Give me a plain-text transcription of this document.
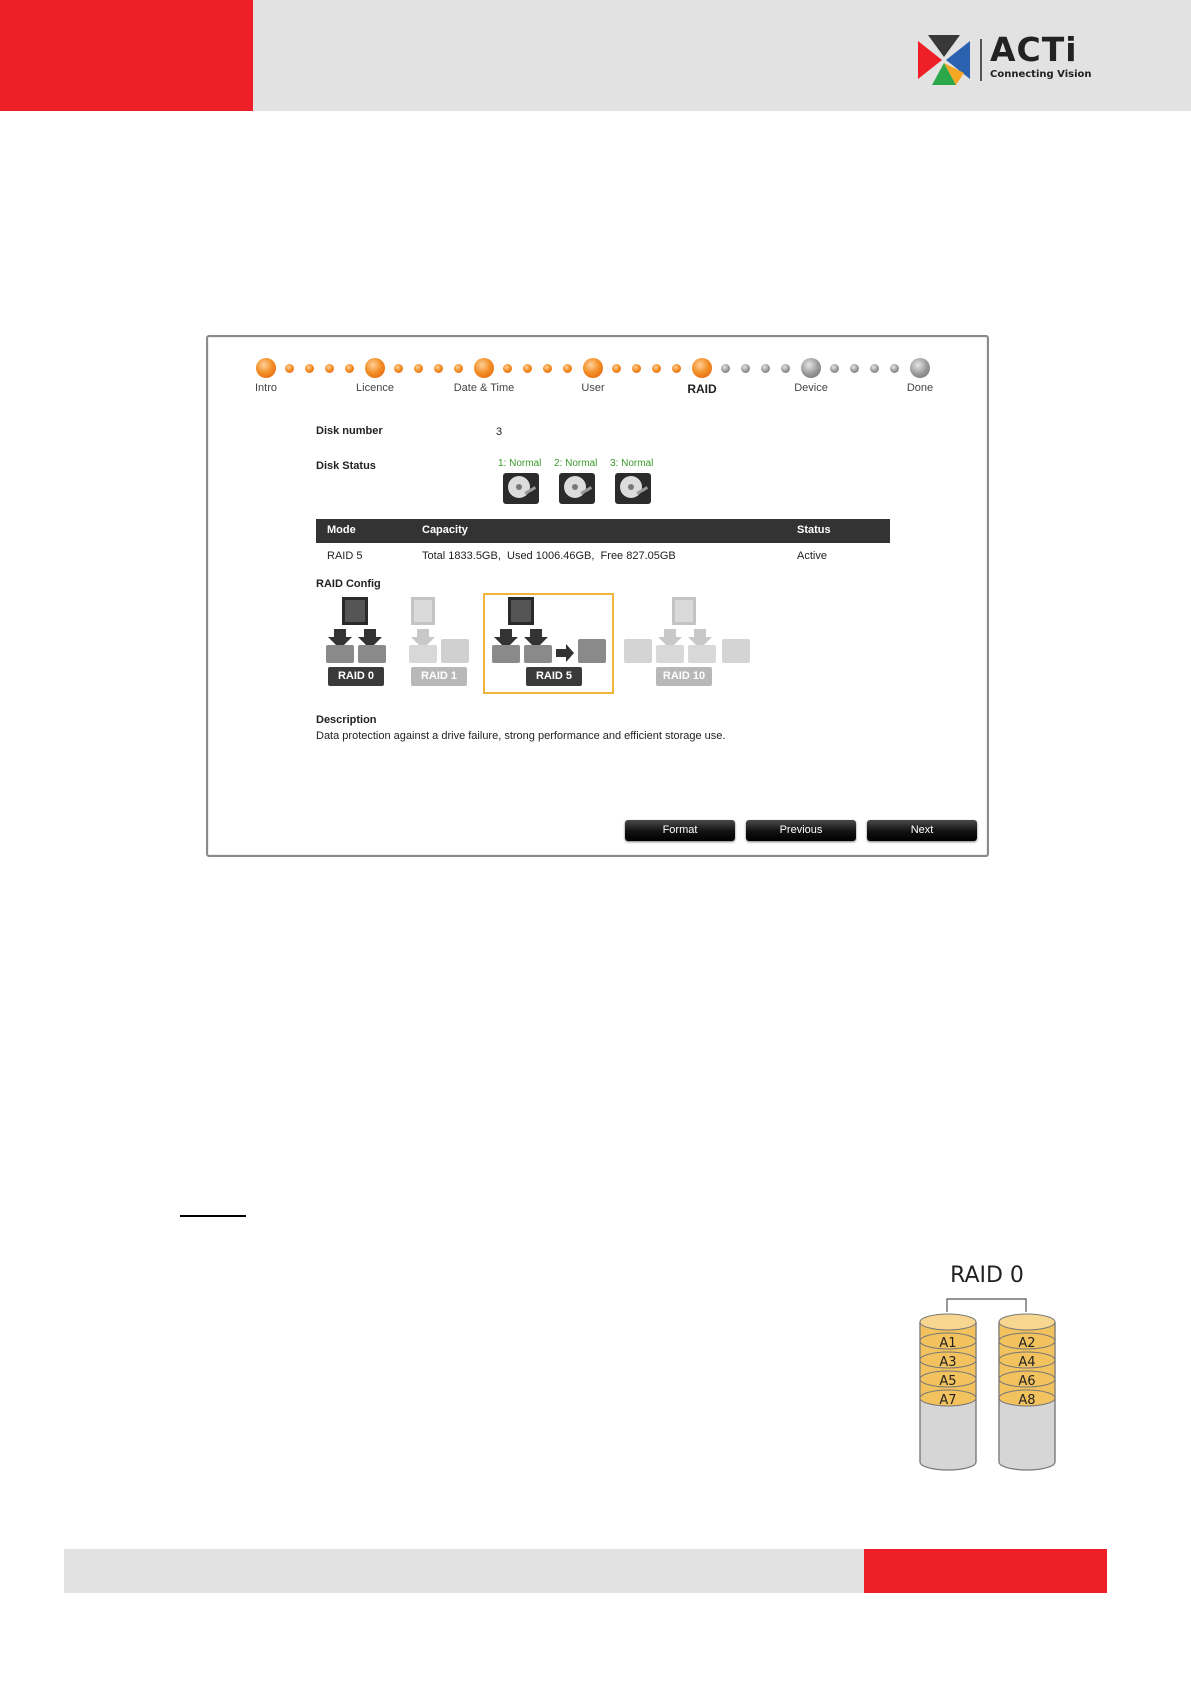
ACTi
Connecting Vision
Intro	Licence	Date & Time	User	RAID	Device	Done
Disk number	3
Disk Status	1: Normal 2: Normal 3: Normal
Mode	Capacity	Status
RAID 5	Total 1833.5GB,  Used 1006.46GB,  Free 827.05GB	Active
RAID Config
RAID 0	RAID 1	RAID 5	RAID 10
Description
Data protection against a drive failure, strong performance and efficient storage use.
Format	Previous	Next
RAID 0
A1
A3
A5
A7
A2
A4
A6
A8
